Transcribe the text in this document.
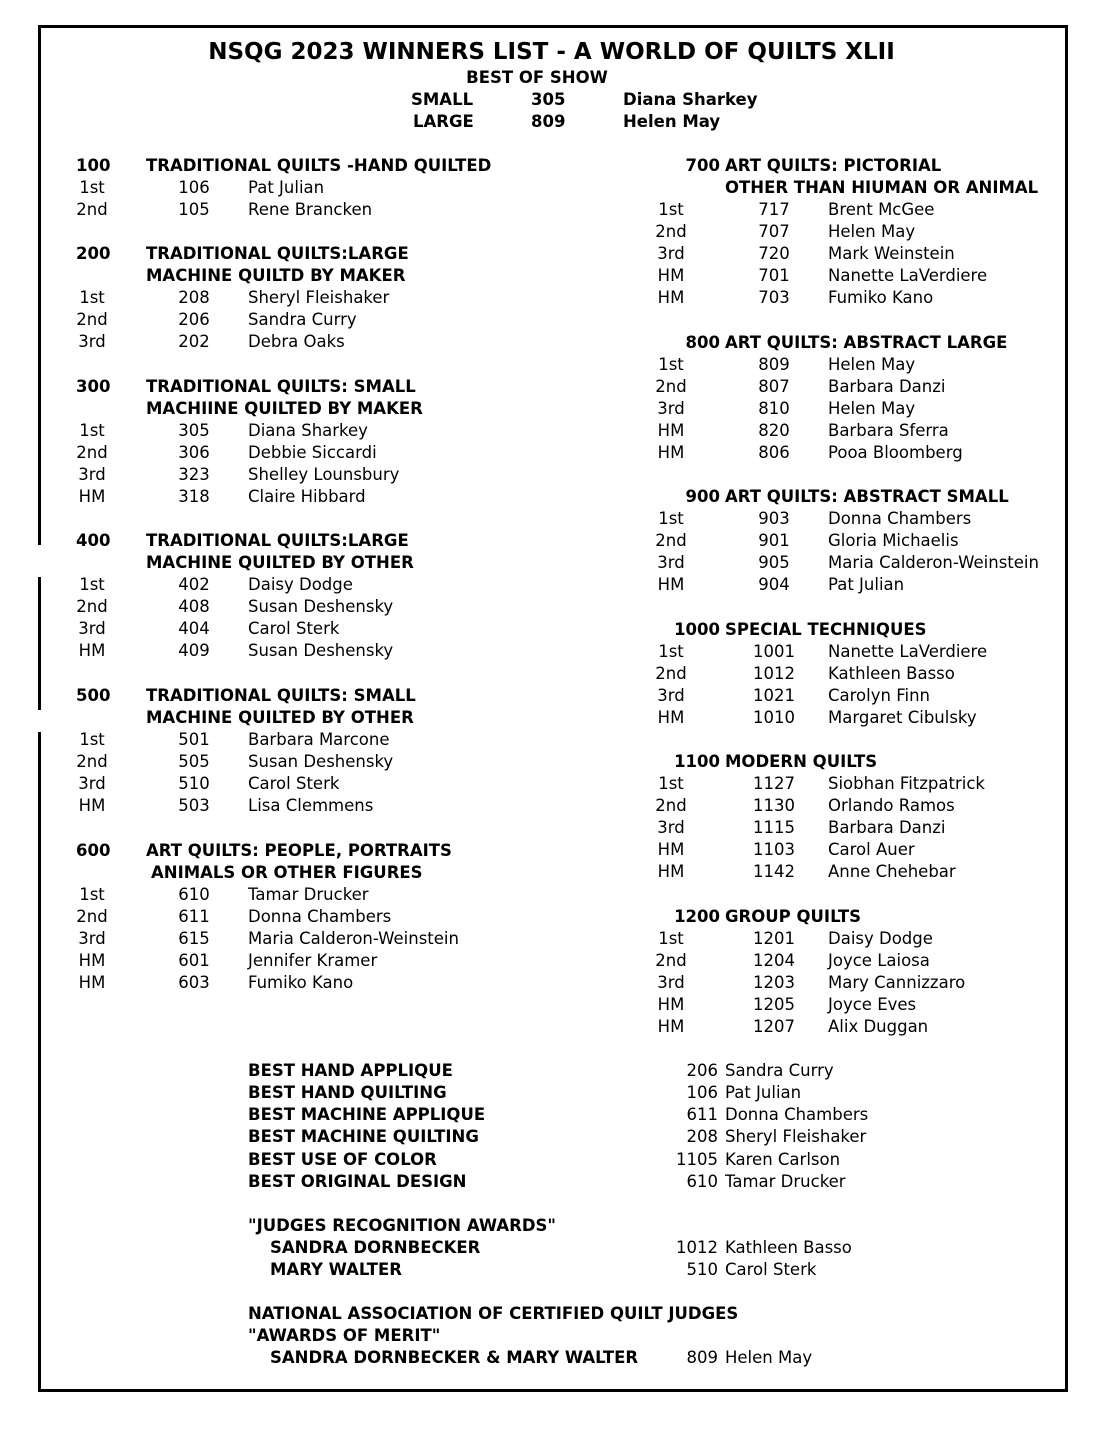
NSQG 2023 WINNERS LIST - A WORLD OF QUILTS XLII
BEST OF SHOW
SMALL	305	Diana Sharkey
LARGE	809	Helen May
100 TRADITIONAL QUILTS -HAND QUILTED
1st	106	Pat Julian
2nd	105	Rene Brancken
200 TRADITIONAL QUILTS:LARGE
MACHINE QUILTD BY MAKER
1st	208	Sheryl Fleishaker
2nd	206	Sandra Curry
3rd	202	Debra Oaks
300 TRADITIONAL QUILTS: SMALL
MACHIINE QUILTED BY MAKER
1st	305	Diana Sharkey
2nd	306	Debbie Siccardi
3rd	323	Shelley Lounsbury
HM	318	Claire Hibbard
400 TRADITIONAL QUILTS:LARGE
MACHINE QUILTED BY OTHER
1st	402	Daisy Dodge
2nd	408	Susan Deshensky
3rd	404	Carol Sterk
HM	409	Susan Deshensky
500 TRADITIONAL QUILTS: SMALL
MACHINE QUILTED BY OTHER
1st	501	Barbara Marcone
2nd	505	Susan Deshensky
3rd	510	Carol Sterk
HM	503	Lisa Clemmens
600 ART QUILTS: PEOPLE, PORTRAITS
ANIMALS OR OTHER FIGURES
1st	610	Tamar Drucker
2nd	611	Donna Chambers
3rd	615	Maria Calderon-Weinstein
HM	601	Jennifer Kramer
HM	603	Fumiko Kano
700 ART QUILTS: PICTORIAL
OTHER THAN HIUMAN OR ANIMAL
1st	717	Brent McGee
2nd	707	Helen May
3rd	720	Mark Weinstein
HM	701	Nanette LaVerdiere
HM	703	Fumiko Kano
800 ART QUILTS: ABSTRACT LARGE
1st	809	Helen May
2nd	807	Barbara Danzi
3rd	810	Helen May
HM	820	Barbara Sferra
HM	806	Pooa Bloomberg
900 ART QUILTS: ABSTRACT SMALL
1st	903	Donna Chambers
2nd	901	Gloria Michaelis
3rd	905	Maria Calderon-Weinstein
HM	904	Pat Julian
1000 SPECIAL TECHNIQUES
1st	1001	Nanette LaVerdiere
2nd	1012	Kathleen Basso
3rd	1021	Carolyn Finn
HM	1010	Margaret Cibulsky
1100 MODERN QUILTS
1st	1127	Siobhan Fitzpatrick
2nd	1130	Orlando Ramos
3rd	1115	Barbara Danzi
HM	1103	Carol Auer
HM	1142	Anne Chehebar
1200 GROUP QUILTS
1st	1201	Daisy Dodge
2nd	1204	Joyce Laiosa
3rd	1203	Mary Cannizzaro
HM	1205	Joyce Eves
HM	1207	Alix Duggan
BEST HAND APPLIQUE	206 Sandra Curry
BEST HAND QUILTING	106 Pat Julian
BEST MACHINE APPLIQUE	611 Donna Chambers
BEST MACHINE QUILTING	208 Sheryl Fleishaker
BEST USE OF COLOR	1105 Karen Carlson
BEST ORIGINAL DESIGN	610 Tamar Drucker
"JUDGES RECOGNITION AWARDS"
SANDRA DORNBECKER	1012 Kathleen Basso
MARY WALTER	510 Carol Sterk
NATIONAL ASSOCIATION OF CERTIFIED QUILT JUDGES
"AWARDS OF MERIT"
SANDRA DORNBECKER & MARY WALTER	809 Helen May
